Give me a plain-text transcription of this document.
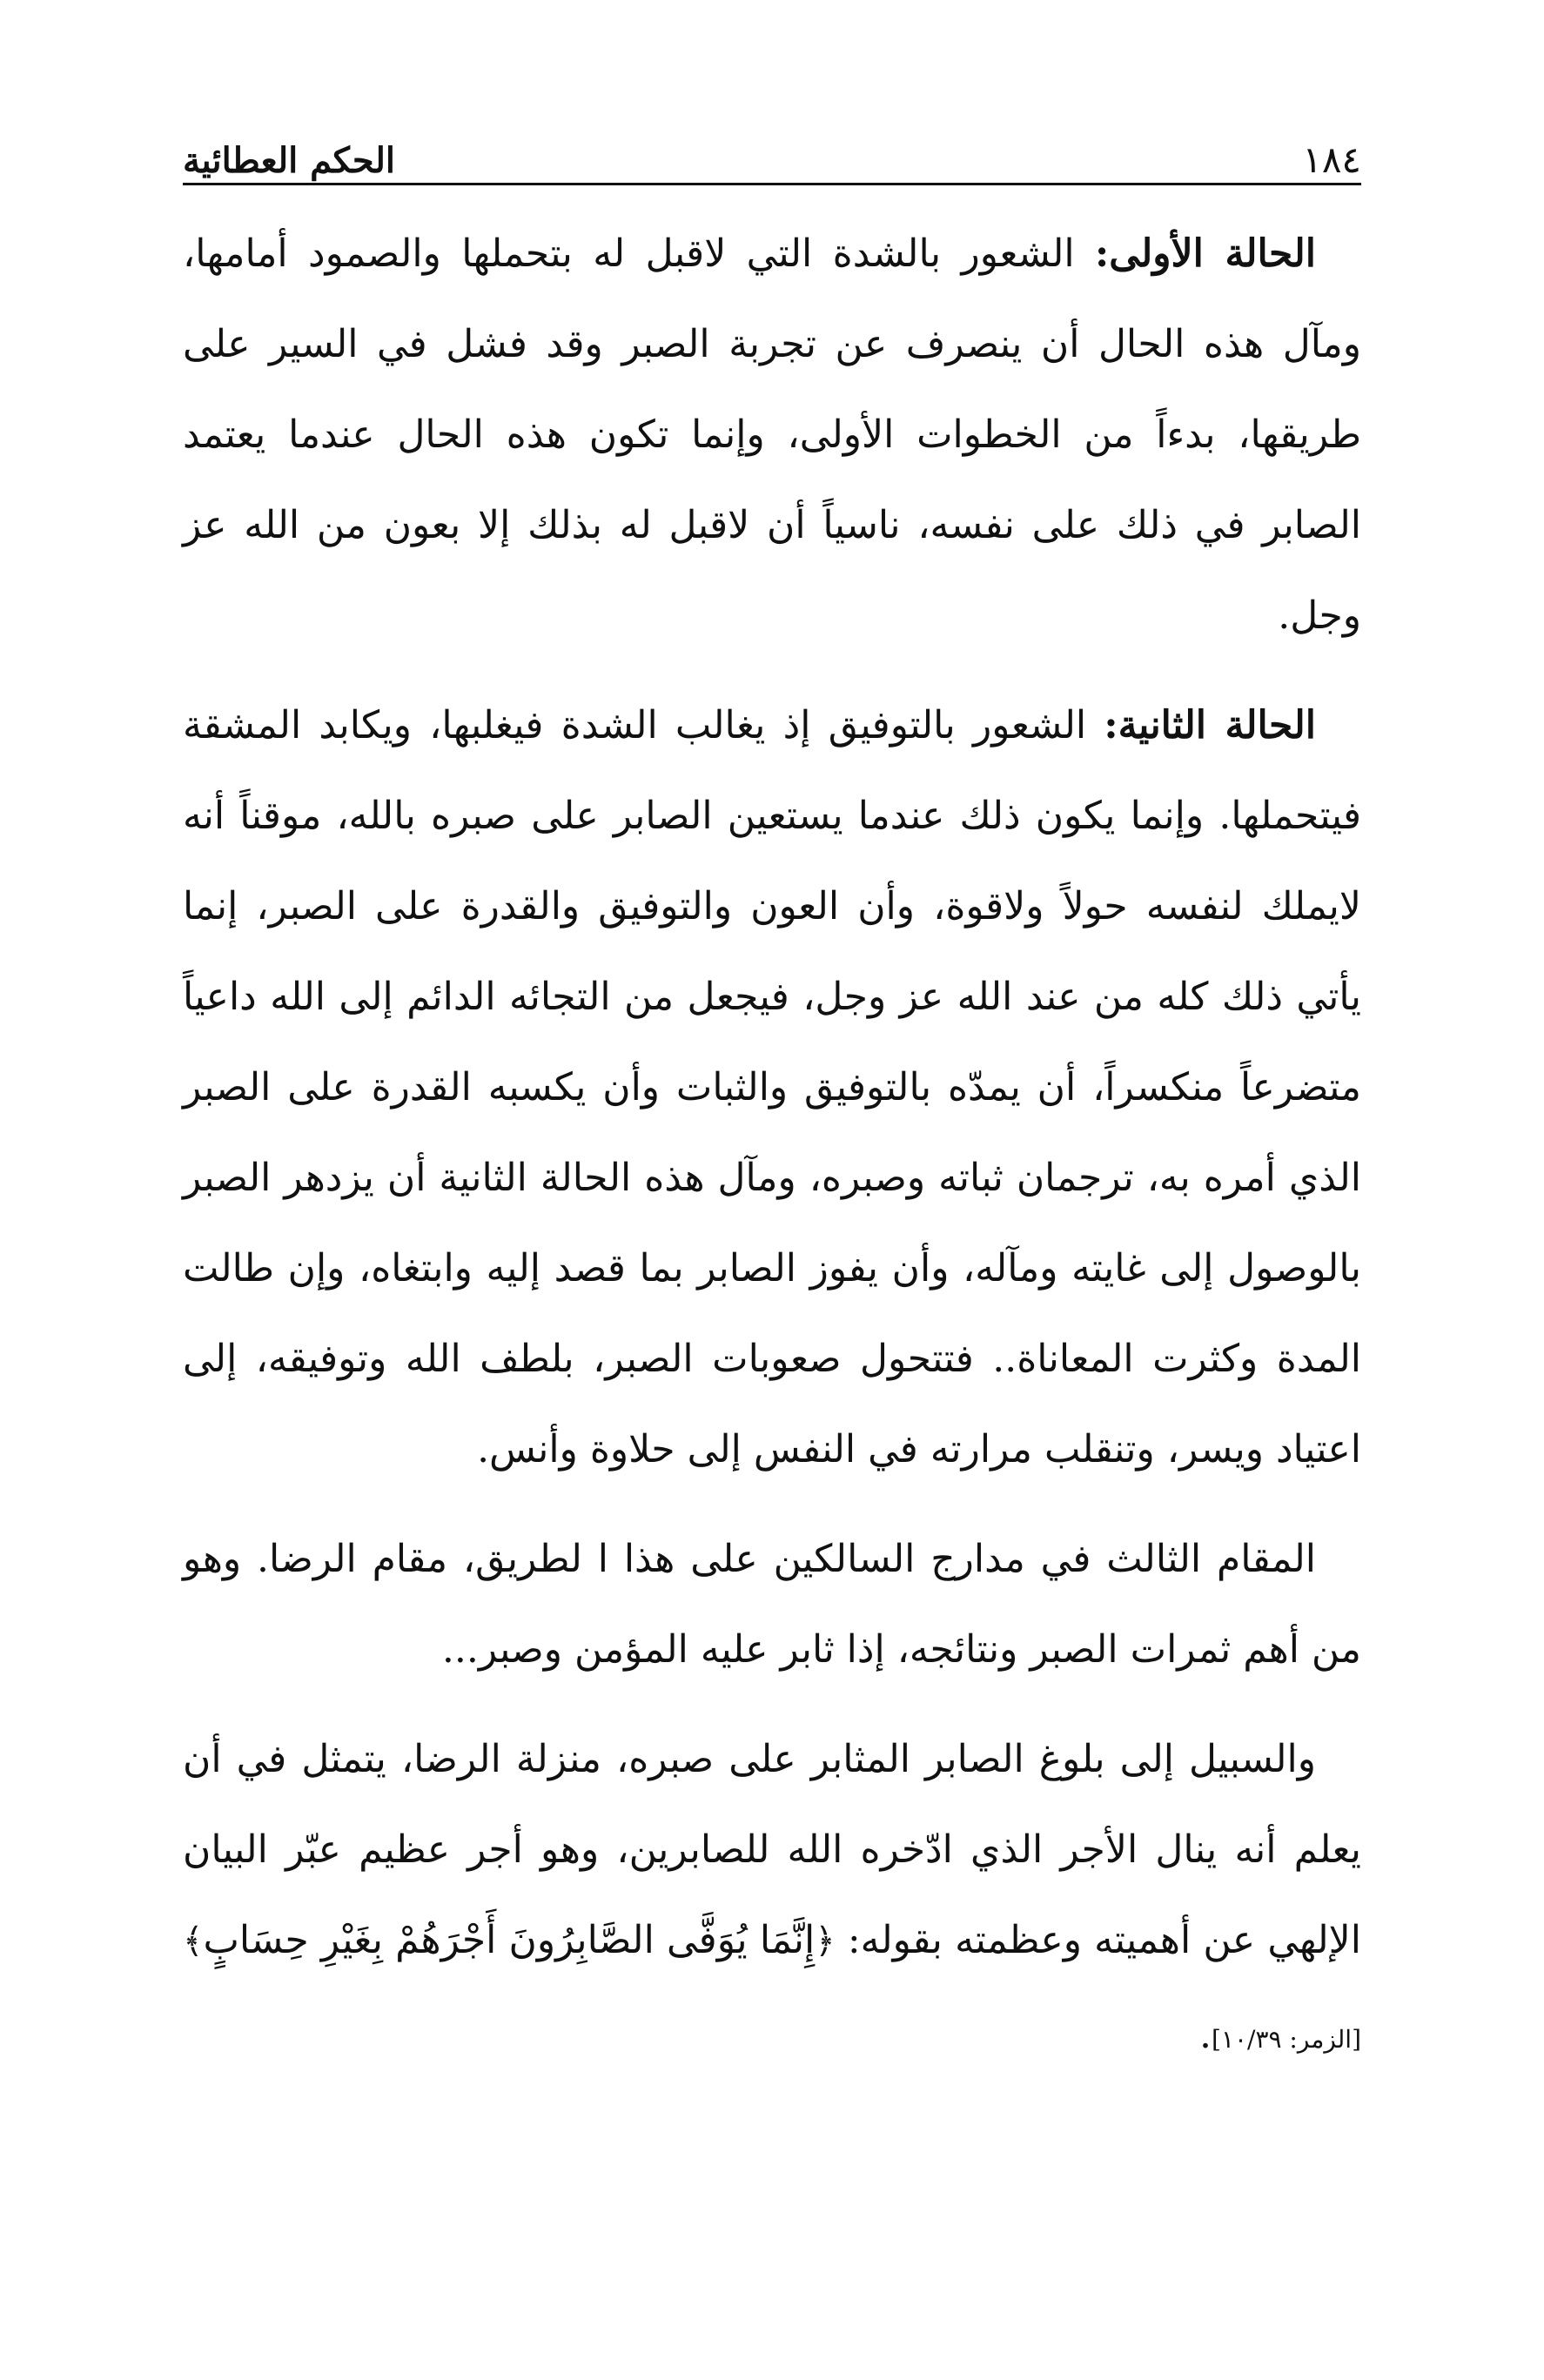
١٨٤
الحكم العطائية

الحالة الأولى: الشعور بالشدة التي لاقبل له بتحملها والصمود أمامها، ومآل هذه الحال أن ينصرف عن تجربة الصبر وقد فشل في السير على طريقها، بدءاً من الخطوات الأولى، وإنما تكون هذه الحال عندما يعتمد الصابر في ذلك على نفسه، ناسياً أن لاقبل له بذلك إلا بعون من الله عز وجل.

الحالة الثانية: الشعور بالتوفيق إذ يغالب الشدة فيغلبها، ويكابد المشقة فيتحملها. وإنما يكون ذلك عندما يستعين الصابر على صبره بالله، موقناً أنه لايملك لنفسه حولاً ولاقوة، وأن العون والتوفيق والقدرة على الصبر، إنما يأتي ذلك كله من عند الله عز وجل، فيجعل من التجائه الدائم إلى الله داعياً متضرعاً منكسراً، أن يمدّه بالتوفيق والثبات وأن يكسبه القدرة على الصبر الذي أمره به، ترجمان ثباته وصبره، ومآل هذه الحالة الثانية أن يزدهر الصبر بالوصول إلى غايته ومآله، وأن يفوز الصابر بما قصد إليه وابتغاه، وإن طالت المدة وكثرت المعاناة.. فتتحول صعوبات الصبر، بلطف الله وتوفيقه، إلى اعتياد ويسر، وتنقلب مرارته في النفس إلى حلاوة وأنس.

المقام الثالث في مدارج السالكين على هذا ا لطريق، مقام الرضا. وهو من أهم ثمرات الصبر ونتائجه، إذا ثابر عليه المؤمن وصبر...

والسبيل إلى بلوغ الصابر المثابر على صبره، منزلة الرضا، يتمثل في أن يعلم أنه ينال الأجر الذي ادّخره الله للصابرين، وهو أجر عظيم عبّر البيان الإلهي عن أهميته وعظمته بقوله: ﴿إِنَّمَا يُوَفَّى الصَّابِرُونَ أَجْرَهُمْ بِغَيْرِ حِسَابٍ﴾ [الزمر: ١٠/٣٩].
